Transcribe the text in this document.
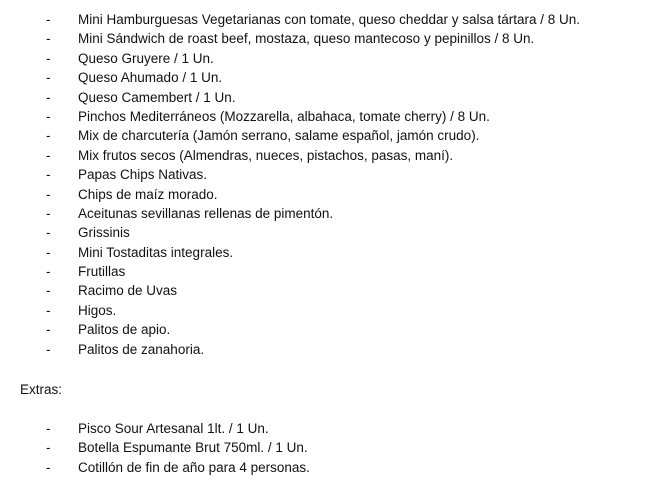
- Mini Hamburguesas Vegetarianas con tomate, queso cheddar y salsa tártara / 8 Un.
- Mini Sándwich de roast beef, mostaza, queso mantecoso y pepinillos / 8 Un.
- Queso Gruyere / 1 Un.
- Queso Ahumado / 1 Un.
- Queso Camembert / 1 Un.
- Pinchos Mediterráneos (Mozzarella, albahaca, tomate cherry) / 8 Un.
- Mix de charcutería (Jamón serrano, salame español, jamón crudo).
- Mix frutos secos (Almendras, nueces, pistachos, pasas, maní).
- Papas Chips Nativas.
- Chips de maíz morado.
- Aceitunas sevillanas rellenas de pimentón.
- Grissinis
- Mini Tostaditas integrales.
- Frutillas
- Racimo de Uvas
- Higos.
- Palitos de apio.
- Palitos de zanahoria.
Extras:
- Pisco Sour Artesanal 1lt. / 1 Un.
- Botella Espumante Brut 750ml. / 1 Un.
- Cotillón de fin de año para 4 personas.
